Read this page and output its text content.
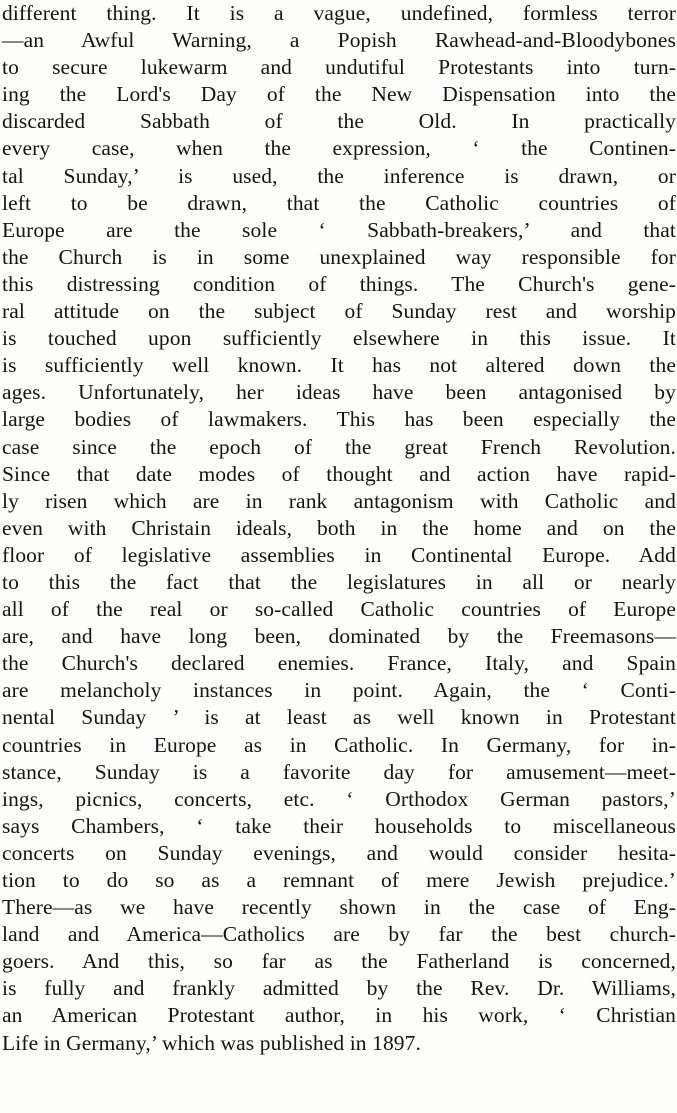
different thing. It is a vague, undefined, formless terror
—an Awful Warning, a Popish Rawhead-and-Bloodybones
to secure lukewarm and undutiful Protestants into turn-
ing the Lord's Day of the New Dispensation into the
discarded Sabbath of the Old. In practically
every case, when the expression, ‘ the Continen-
tal Sunday,’ is used, the inference is drawn, or
left to be drawn, that the Catholic countries of
Europe are the sole ‘ Sabbath-breakers,’ and that
the Church is in some unexplained way responsible for
this distressing condition of things. The Church's gene-
ral attitude on the subject of Sunday rest and worship
is touched upon sufficiently elsewhere in this issue. It
is sufficiently well known. It has not altered down the
ages. Unfortunately, her ideas have been antagonised by
large bodies of lawmakers. This has been especially the
case since the epoch of the great French Revolution.
Since that date modes of thought and action have rapid-
ly risen which are in rank antagonism with Catholic and
even with Christain ideals, both in the home and on the
floor of legislative assemblies in Continental Europe. Add
to this the fact that the legislatures in all or nearly
all of the real or so-called Catholic countries of Europe
are, and have long been, dominated by the Freemasons—
the Church's declared enemies. France, Italy, and Spain
are melancholy instances in point. Again, the ‘ Conti-
nental Sunday ’ is at least as well known in Protestant
countries in Europe as in Catholic. In Germany, for in-
stance, Sunday is a favorite day for amusement—meet-
ings, picnics, concerts, etc. ‘ Orthodox German pastors,’
says Chambers, ‘ take their households to miscellaneous
concerts on Sunday evenings, and would consider hesita-
tion to do so as a remnant of mere Jewish prejudice.’
There—as we have recently shown in the case of Eng-
land and America—Catholics are by far the best church-
goers. And this, so far as the Fatherland is concerned,
is fully and frankly admitted by the Rev. Dr. Williams,
an American Protestant author, in his work, ‘ Christian
Life in Germany,’ which was published in 1897.
